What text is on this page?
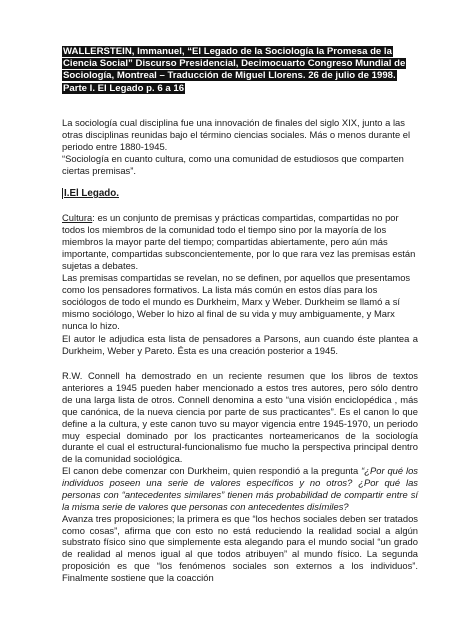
WALLERSTEIN, Immanuel, “El Legado de la Sociología la Promesa de la Ciencia Social” Discurso Presidencial, Decimocuarto Congreso Mundial de Sociología, Montreal – Traducción de Miguel Llorens. 26 de julio de 1998. Parte I. El Legado p. 6 a 16
La sociología cual disciplina fue una innovación de finales del siglo XIX, junto a las otras disciplinas reunidas bajo el término ciencias sociales. Más o menos durante el periodo entre 1880-1945.
“Sociología en cuanto cultura, como una comunidad de estudiosos que comparten ciertas premisas”.
I.El Legado.
Cultura: es un conjunto de premisas y prácticas compartidas, compartidas no por todos los miembros de la comunidad todo el tiempo sino por la mayoría de los miembros la mayor parte del tiempo; compartidas abiertamente, pero aún más importante, compartidas subsconcientemente, por lo que rara vez las premisas están sujetas a debates.
Las premisas compartidas se revelan, no se definen, por aquellos que presentamos como los pensadores formativos. La lista más común en estos días para los sociólogos de todo el mundo es Durkheim, Marx y Weber. Durkheim se llamó a sí mismo sociólogo, Weber lo hizo al final de su vida y muy ambiguamente, y Marx nunca lo hizo.
El autor le adjudica esta lista de pensadores a Parsons, aun cuando éste plantea a Durkheim, Weber y Pareto. Ésta es una creación posterior a 1945.
R.W. Connell ha demostrado en un reciente resumen que los libros de textos anteriores a 1945 pueden haber mencionado a estos tres autores, pero sólo dentro de una larga lista de otros. Connell denomina a esto “una visión enciclopédica , más que canónica, de la nueva ciencia por parte de sus practicantes”. Es el canon lo que define a la cultura, y este canon tuvo su mayor vigencia entre 1945-1970, un periodo muy especial dominado por los practicantes norteamericanos de la sociología durante el cual el estructural-funcionalismo fue mucho la perspectiva principal dentro de la comunidad sociológica.
El canon debe comenzar con Durkheim, quien respondió a la pregunta “¿Por qué los individuos poseen una serie de valores específicos y no otros? ¿Por qué las personas con “antecedentes similares” tienen más probabilidad de compartir entre sí la misma serie de valores que personas con antecedentes disímiles?
Avanza tres proposiciones; la primera es que “los hechos sociales deben ser tratados como cosas”, afirma que con esto no está reduciendo la realidad social a algún substrato físico sino que simplemente esta alegando para el mundo social “un grado de realidad al menos igual al que todos atribuyen” al mundo físico. La segunda proposición es que “los fenómenos sociales son externos a los individuos”. Finalmente sostiene que la coacción
